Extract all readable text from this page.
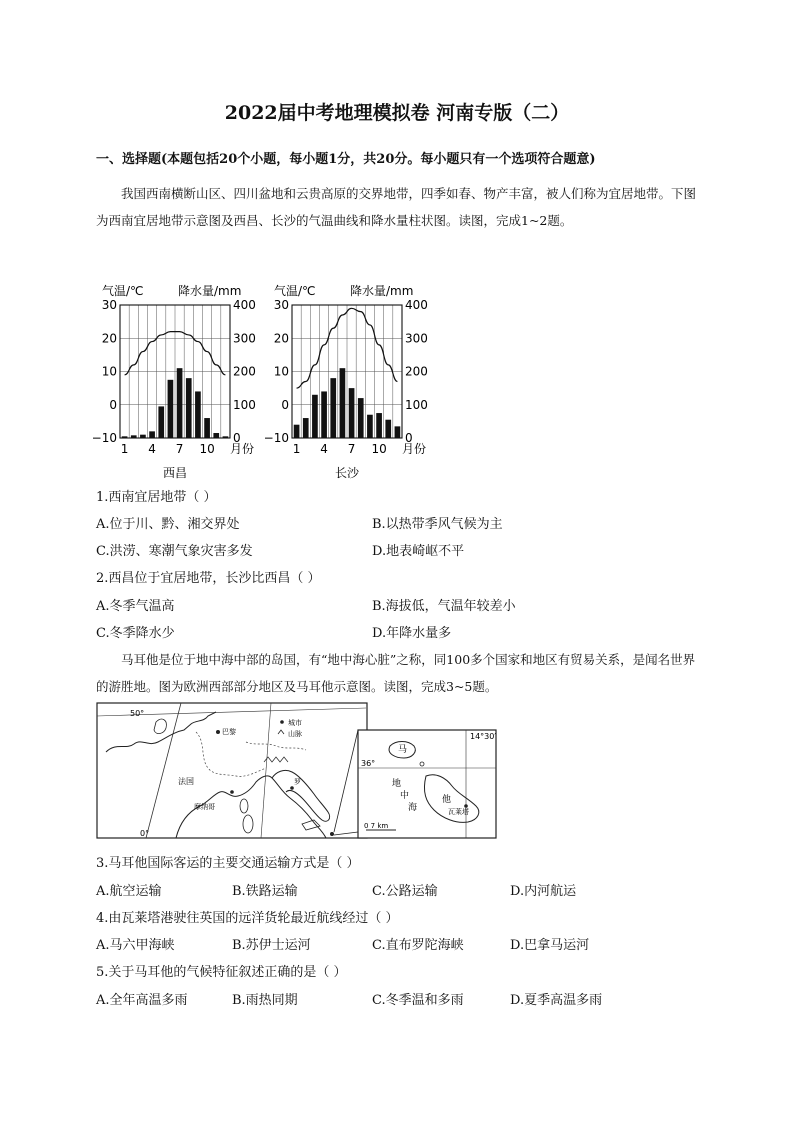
2022届中考地理模拟卷 河南专版（二）
一、选择题(本题包括20个小题，每小题1分，共20分。每小题只有一个选项符合题意)
我国西南横断山区、四川盆地和云贵高原的交界地带，四季如春、物产丰富，被人们称为宜居地带。下图为西南宜居地带示意图及西昌、长沙的气温曲线和降水量柱状图。读图，完成1~2题。
气温/℃	降水量/mm
30
20
10
0
−10
400
300
200
100
0
1 4 7 10 月份
西昌
气温/℃	降水量/mm
30
20
10
0
−10
400
300
200
100
0
1 4 7 10 月份
长沙
1.西南宜居地带（ ）
A.位于川、黔、湘交界处	B.以热带季风气候为主
C.洪涝、寒潮气象灾害多发	D.地表崎岖不平
2.西昌位于宜居地带，长沙比西昌（ ）
A.冬季气温高	B.海拔低，气温年较差小
C.冬季降水少	D.年降水量多
马耳他是位于地中海中部的岛国，有“地中海心脏”之称，同100多个国家和地区有贸易关系，是闻名世界的游胜地。图为欧洲西部部分地区及马耳他示意图。读图，完成3~5题。
50°
0°
巴黎
法国
摩纳哥
罗
城市
山脉	14°30′
36°
马
地
中
海
他
瓦莱塔
0 7 km
3.马耳他国际客运的主要交通运输方式是（ ）
A.航空运输	B.铁路运输	C.公路运输	D.内河航运
4.由瓦莱塔港驶往英国的远洋货轮最近航线经过（ ）
A.马六甲海峡	B.苏伊士运河	C.直布罗陀海峡	D.巴拿马运河
5.关于马耳他的气候特征叙述正确的是（ ）
A.全年高温多雨	B.雨热同期	C.冬季温和多雨	D.夏季高温多雨
